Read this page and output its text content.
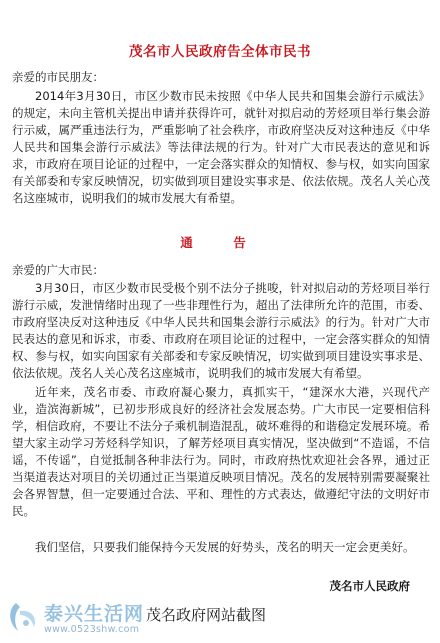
茂名市人民政府告全体市民书
亲爱的市民朋友：

2014年3月30日，市区少数市民未按照《中华人民共和国集会游行示威法》的规定，未向主管机关提出申请并获得许可，就针对拟启动的芳烃项目举行集会游行示威，属严重违法行为，严重影响了社会秩序，市政府坚决反对这种违反《中华人民共和国集会游行示威法》等法律法规的行为。针对广大市民表达的意见和诉求，市政府在项目论证的过程中，一定会落实群众的知情权、参与权，如实向国家有关部委和专家反映情况，切实做到项目建设实事求是、依法依规。茂名人关心茂名这座城市，说明我们的城市发展大有希望。

通　告
亲爱的广大市民：

3月30日，市区少数市民受极个别不法分子挑唆，针对拟启动的芳烃项目举行游行示威，发泄情绪时出现了一些非理性行为，超出了法律所允许的范围，市委、市政府坚决反对这种违反《中华人民共和国集会游行示威法》的行为。针对广大市民表达的意见和诉求，市委、市政府在项目论证的过程中，一定会落实群众的知情权、参与权，如实向国家有关部委和专家反映情况，切实做到项目建设实事求是、依法依规。茂名人关心茂名这座城市，说明我们的城市发展大有希望。

近年来，茂名市委、市政府凝心聚力，真抓实干，“建深水大港，兴现代产业，造滨海新城”，已初步形成良好的经济社会发展态势。广大市民一定要相信科学，相信政府，不要让不法分子乘机制造混乱，破坏难得的和谐稳定发展环境。希望大家主动学习芳烃科学知识，了解芳烃项目真实情况，坚决做到“不造谣，不信谣，不传谣”，自觉抵制各种非法行为。同时，市政府热忱欢迎社会各界，通过正当渠道表达对项目的关切通过正当渠道反映项目情况。茂名的发展特别需要凝聚社会各界智慧，但一定要通过合法、平和、理性的方式表达，做遵纪守法的文明好市民。

我们坚信，只要我们能保持今天发展的好势头，茂名的明天一定会更美好。

茂名市人民政府
泰兴生活网 茂名政府网站截图
www.0523shw.com
